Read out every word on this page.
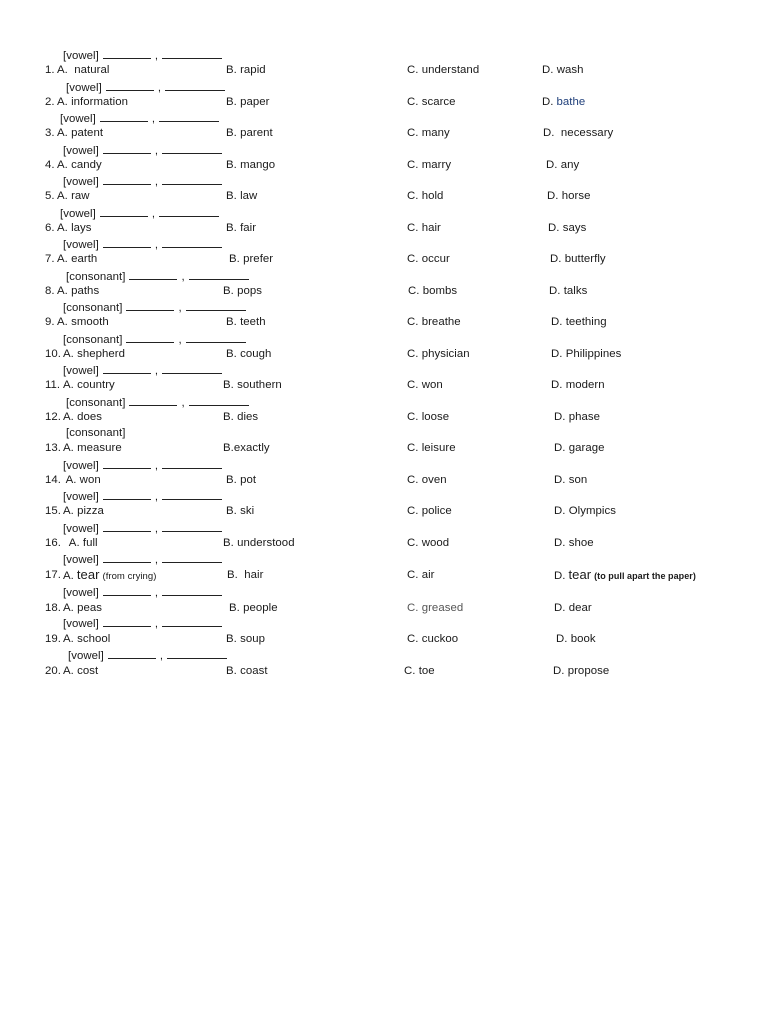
[vowel]	,
[vowel]	,
[vowel]	,
[vowel]	,
[vowel]	,
[vowel]	,
[vowel]	,
[consonant]	,
[consonant]	,
[consonant]	,
[vowel]	,
[consonant]	,
[consonant]
[vowel]	,
[vowel]	,
[vowel]	,
[vowel]	,
[vowel]	,
[vowel]	,
[vowel]	,
1. A.  natural	B. rapid	C. understand	D. wash
2. A. information	B. paper	C. scarce	D. bathe
3. A. patent	B. parent	C. many	D.  necessary
4. A. candy	B. mango	C. marry	D. any
5. A. raw	B. law	C. hold	D. horse
6. A. lays	B. fair	C. hair	D. says
7. A. earth	B. prefer	C. occur	D. butterfly
8. A. paths	B. pops	C. bombs	D. talks
9. A. smooth	B. teeth	C. breathe	D. teething
10. A. shepherd	B. cough	C. physician	D. Philippines
11. A. country	B. southern	C. won	D. modern
12. A. does	B. dies	C. loose	D. phase
13. A. measure	B.exactly	C. leisure	D. garage
14. A. won	B. pot	C. oven	D. son
15. A. pizza	B. ski	C. police	D. Olympics
16. A. full	B. understood	C. wood	D. shoe
17. A. tear (from crying)	B.  hair	C. air	D. tear (to pull apart the paper)
18. A. peas	B. people	C. greased	D. dear
19. A. school	B. soup	C. cuckoo	D. book
20. A. cost	B. coast	C. toe	D. propose
